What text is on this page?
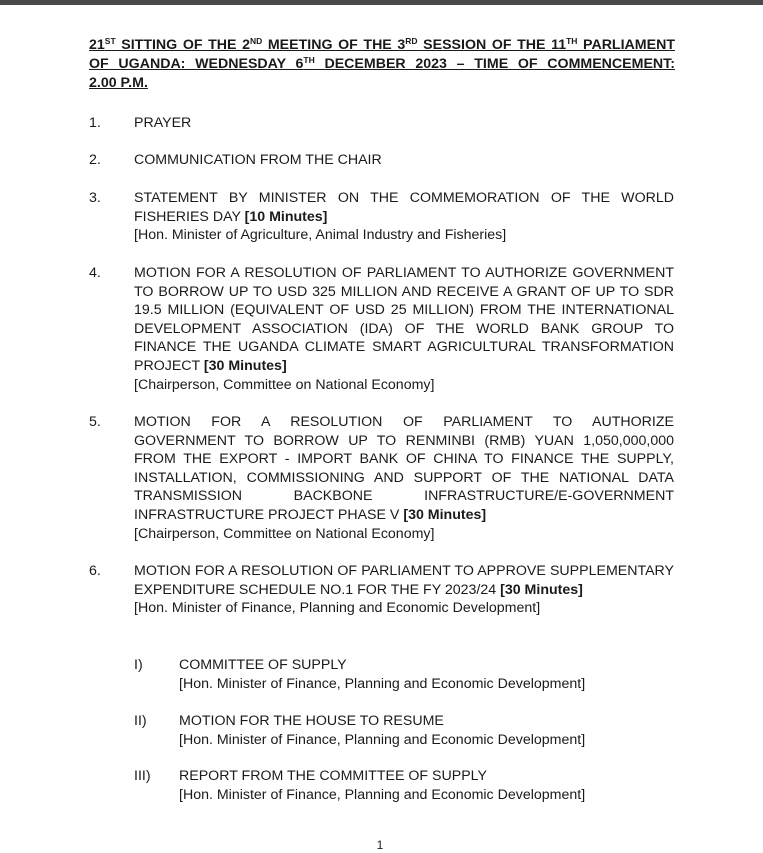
21ST SITTING OF THE 2ND MEETING OF THE 3RD SESSION OF THE 11TH PARLIAMENT OF UGANDA: WEDNESDAY 6TH DECEMBER 2023 – TIME OF COMMENCEMENT:
2.00 P.M.
1. PRAYER
2. COMMUNICATION FROM THE CHAIR
3. STATEMENT BY MINISTER ON THE COMMEMORATION OF THE WORLD FISHERIES DAY [10 Minutes]
[Hon. Minister of Agriculture, Animal Industry and Fisheries]
4. MOTION FOR A RESOLUTION OF PARLIAMENT TO AUTHORIZE GOVERNMENT TO BORROW UP TO USD 325 MILLION AND RECEIVE A GRANT OF UP TO SDR 19.5 MILLION (EQUIVALENT OF USD 25 MILLION) FROM THE INTERNATIONAL DEVELOPMENT ASSOCIATION (IDA) OF THE WORLD BANK GROUP TO FINANCE THE UGANDA CLIMATE SMART AGRICULTURAL TRANSFORMATION PROJECT [30 Minutes]
[Chairperson, Committee on National Economy]
5. MOTION FOR A RESOLUTION OF PARLIAMENT TO AUTHORIZE
GOVERNMENT TO BORROW UP TO RENMINBI (RMB) YUAN 1,050,000,000
FROM THE EXPORT - IMPORT BANK OF CHINA TO FINANCE THE SUPPLY,
INSTALLATION, COMMISSIONING AND SUPPORT OF THE NATIONAL DATA
TRANSMISSION BACKBONE INFRASTRUCTURE/E-GOVERNMENT
INFRASTRUCTURE PROJECT PHASE V [30 Minutes]
[Chairperson, Committee on National Economy]
6. MOTION FOR A RESOLUTION OF PARLIAMENT TO APPROVE SUPPLEMENTARY EXPENDITURE SCHEDULE NO.1 FOR THE FY 2023/24 [30 Minutes]
[Hon. Minister of Finance, Planning and Economic Development]
I)	COMMITTEE OF SUPPLY
[Hon. Minister of Finance, Planning and Economic Development]
II) MOTION FOR THE HOUSE TO RESUME
[Hon. Minister of Finance, Planning and Economic Development]
III) REPORT FROM THE COMMITTEE OF SUPPLY
[Hon. Minister of Finance, Planning and Economic Development]
1
